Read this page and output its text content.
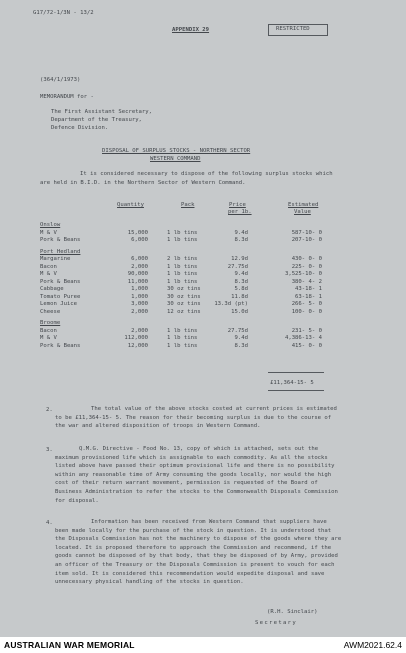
G17/72-1/3N - 13/2
APPENDIX 29	RESTRICTED
(364/1/1973)
MEMORANDUM for -
The First Assistant Secretary,
Department of the Treasury,
Defence Division.
DISPOSAL OF SURPLUS STOCKS - NORTHERN SECTOR
WESTERN COMMAND
It is considered necessary to dispose of the following surplus stocks which are held in B.I.D. in the Northern Sector of Western Command.
Quantity	Pack	Price
per 1b.
Estimated
Value
Onslow
M & V	15,000	1 lb tins	9.4d	587-10- 0
Pork & Beans	6,000	1 lb tins	8.3d	207-10- 0
Port Hedland
Margarine	6,000	2 lb tins	12.9d	430- 0- 0
Bacon	2,000	1 lb tins	27.75d	225- 0- 0
M & V	90,000	1 lb tins	9.4d	3,525-10- 0
Pork & Beans	11,000	1 lb tins	8.3d	380- 4- 2
Cabbage	1,000	30 oz tins	5.8d	43-18- 1
Tomato Puree	1,000	30 oz tins	11.8d	63-18- 1
Lemon Juice	3,000	30 oz tins 13.3d (pt)	266- 5- 0
Cheese	2,000	12 oz tins	15.0d	100- 0- 0
Broome
Bacon	2,000	1 lb tins	27.75d	231- 5- 0
M & V	112,000	1 lb tins	9.4d	4,386-13- 4
Pork & Beans	12,000	1 lb tins	8.3d	415- 0- 0
£11,364-15- 5
2.	The total value of the above stocks costed at current prices is estimated to be £11,364-15- 5. The reason for their becoming surplus is due to the course of the war and altered disposition of troops in Western Command.
3.	Q.M.G. Directive - Food No. 13, copy of which is attached, sets out the maximum provisioned life which is assignable to each commodity. As all the stocks listed above have passed their optimum provisional life and there is no possibility within any reasonable time of Army consuming the goods locally, nor would the high cost of their return warrant movement, permission is requested of the Board of Business Administration to refer the stocks to the Commonwealth Disposals Commission for disposal.
4.	Information has been received from Western Command that suppliers have been made locally for the purchase of the stock in question. It is understood that the Disposals Commission has not the machinery to dispose of the goods where they are located. It is proposed therefore to approach the Commission and recommend, if the goods cannot be disposed of by that body, that they be disposed of by Army, provided an officer of the Treasury or the Disposals Commission is present to vouch for each item sold. It is considered this recommendation would expedite disposal and save unnecessary physical handling of the stocks in question.
(R.H. Sinclair)
Secretary
AUSTRALIAN WAR MEMORIAL	AWM2021.62.4
